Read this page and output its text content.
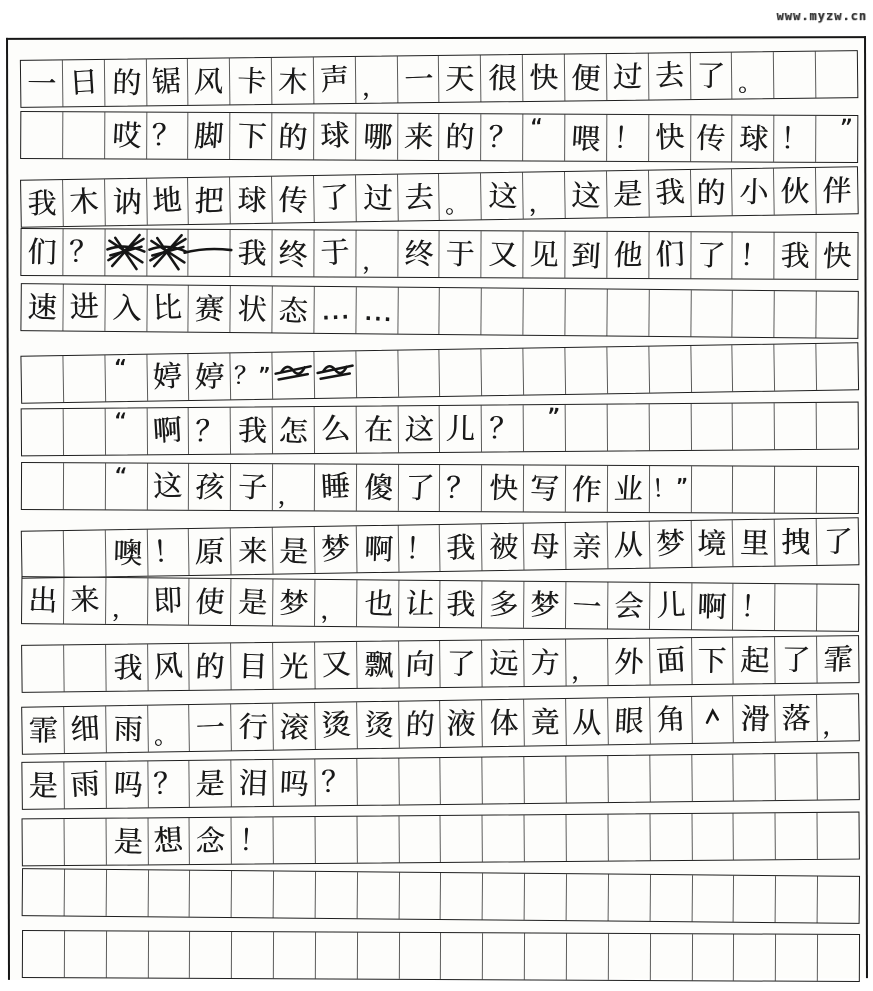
www.myzw.cn
一 日 的 锯 风 卡 木 声 ， 一 天 很 快 便 过 去 了 。
哎 ？ 脚 下 的 球 哪 来 的 ？ “ 喂 ！ 快 传 球 ！ ”
我 木 讷 地 把 球 传 了 过 去 。 这 ， 这 是 我 的 小 伙 伴
们 ？	我 终 于 ， 终 于 又 见 到 他 们 了 ！ 我 快
速 进 入 比 赛 状 态 … …
“ 婷 婷 ？”
“ 啊 ？ 我 怎 么 在 这 儿 ？ ”
“ 这 孩 子 ， 睡 傻 了 ？ 快 写 作 业 ！”
噢 ！ 原 来 是 梦 啊 ！ 我 被 母 亲 从 梦 境 里 拽 了
出 来 ， 即 使 是 梦 ， 也 让 我 多 梦 一 会 儿 啊 ！
我 风 的 目 光 又 飘 向 了 远 方 ， 外 面 下 起 了 霏
霏 细 雨 。 一 行 滚 烫 烫 的 液 体 竟 从 眼 角 滑 落 ，
是 雨 吗 ？ 是 泪 吗 ？
是 想 念 ！
